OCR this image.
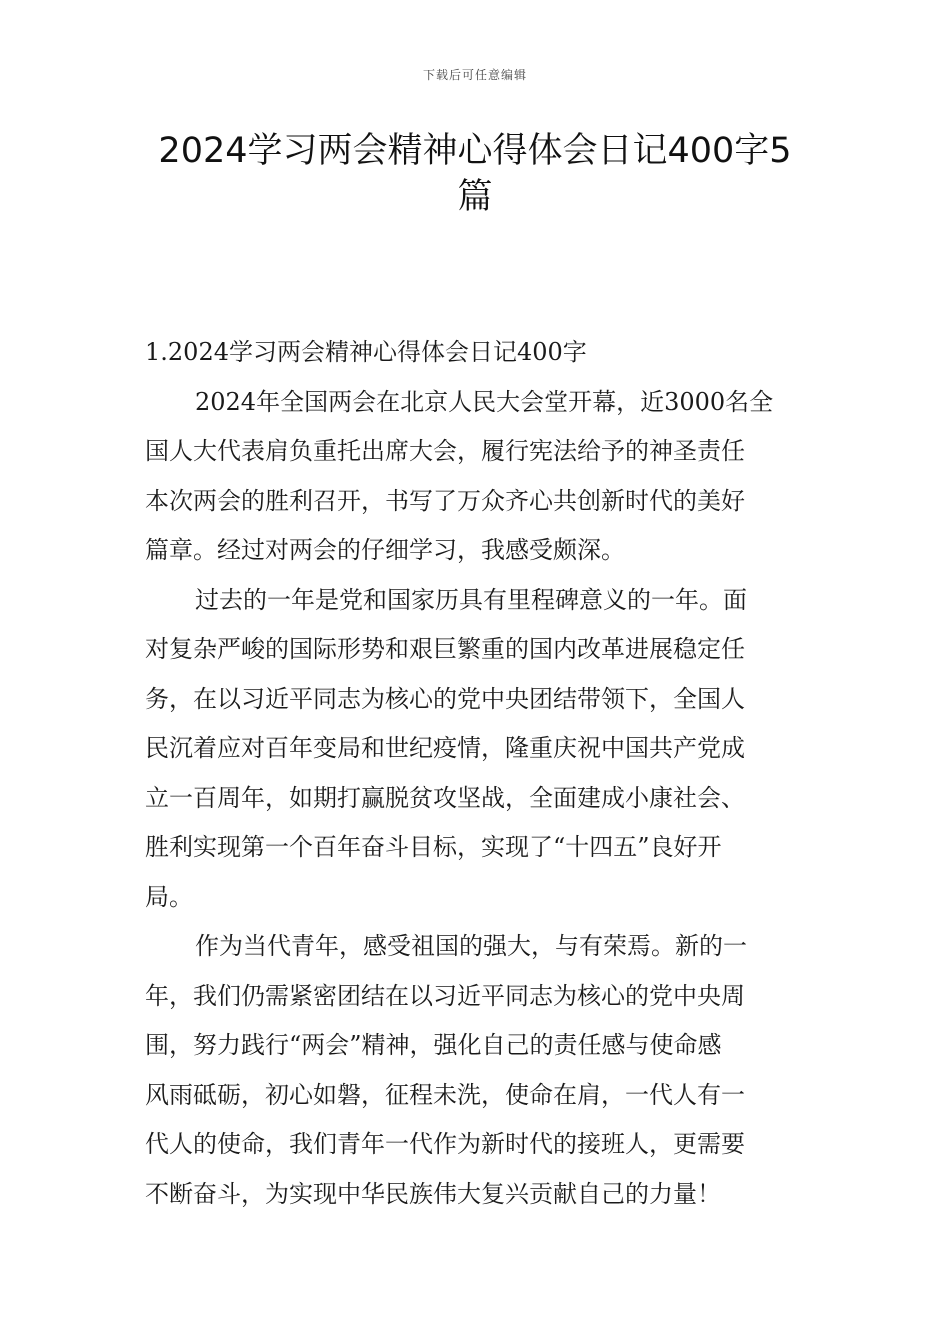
下载后可任意编辑
2024学习两会精神心得体会日记400字5
篇
1.2024学习两会精神心得体会日记400字

2024年全国两会在北京人民大会堂开幕，近3000名全
国人大代表肩负重托出席大会，履行宪法给予的神圣责任
本次两会的胜利召开，书写了万众齐心共创新时代的美好
篇章。经过对两会的仔细学习，我感受颇深。

过去的一年是党和国家历具有里程碑意义的一年。面
对复杂严峻的国际形势和艰巨繁重的国内改革进展稳定任
务，在以习近平同志为核心的党中央团结带领下，全国人
民沉着应对百年变局和世纪疫情，隆重庆祝中国共产党成
立一百周年，如期打赢脱贫攻坚战，全面建成小康社会、
胜利实现第一个百年奋斗目标，实现了“十四五”良好开
局。

作为当代青年，感受祖国的强大，与有荣焉。新的一
年，我们仍需紧密团结在以习近平同志为核心的党中央周
围，努力践行“两会”精神，强化自己的责任感与使命感
风雨砥砺，初心如磐，征程未洗，使命在肩，一代人有一
代人的使命，我们青年一代作为新时代的接班人，更需要
不断奋斗，为实现中华民族伟大复兴贡献自己的力量！
